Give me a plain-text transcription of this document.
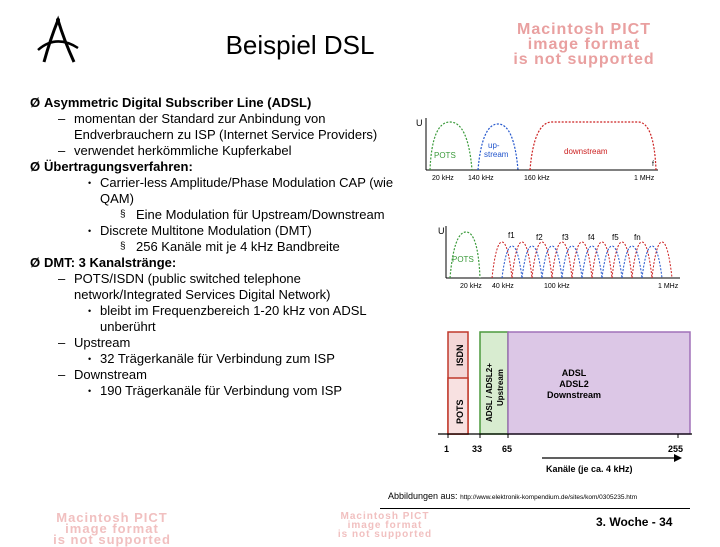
Beispiel DSL
Macintosh PICT
image format
is not supported
Macintosh PICT
image format
is not supported
Macintosh PICT
image format
is not supported
Ø Asymmetric Digital Subscriber Line (ADSL)
– momentan der Standard zur Anbindung von Endverbrauchern zu ISP (Internet Service Providers)
– verwendet herkömmliche Kupferkabel
Ø Übertragungsverfahren:
• Carrier-less Amplitude/Phase Modulation CAP (wie QAM)
§ Eine Modulation für Upstream/Downstream
• Discrete Multitone Modulation (DMT)
§ 256 Kanäle mit je 4 kHz Bandbreite
Ø DMT: 3 Kanalstränge:
– POTS/ISDN (public switched telephone network/Integrated Services Digital Network)
• bleibt im Frequenzbereich 1-20 kHz von ADSL unberührt
– Upstream
• 32 Trägerkanäle für Verbindung zum ISP
– Downstream
• 190 Trägerkanäle für Verbindung vom ISP
U
POTS
up-
stream	downstream
f
20 kHz 140 kHz	160 kHz	1 MHz
U
POTS
f1	f2 f3 f4 f5 fn
20 kHz 40 kHz	100 kHz	1 MHz
ISDN
POTS	ADSL / ADSL2+ Upstream	ADSL
ADSL2
Downstream
1	33 65	255
Kanäle (je ca. 4 kHz)
Abbildungen aus: http://www.elektronik-kompendium.de/sites/kom/0305235.htm
3. Woche - 34
